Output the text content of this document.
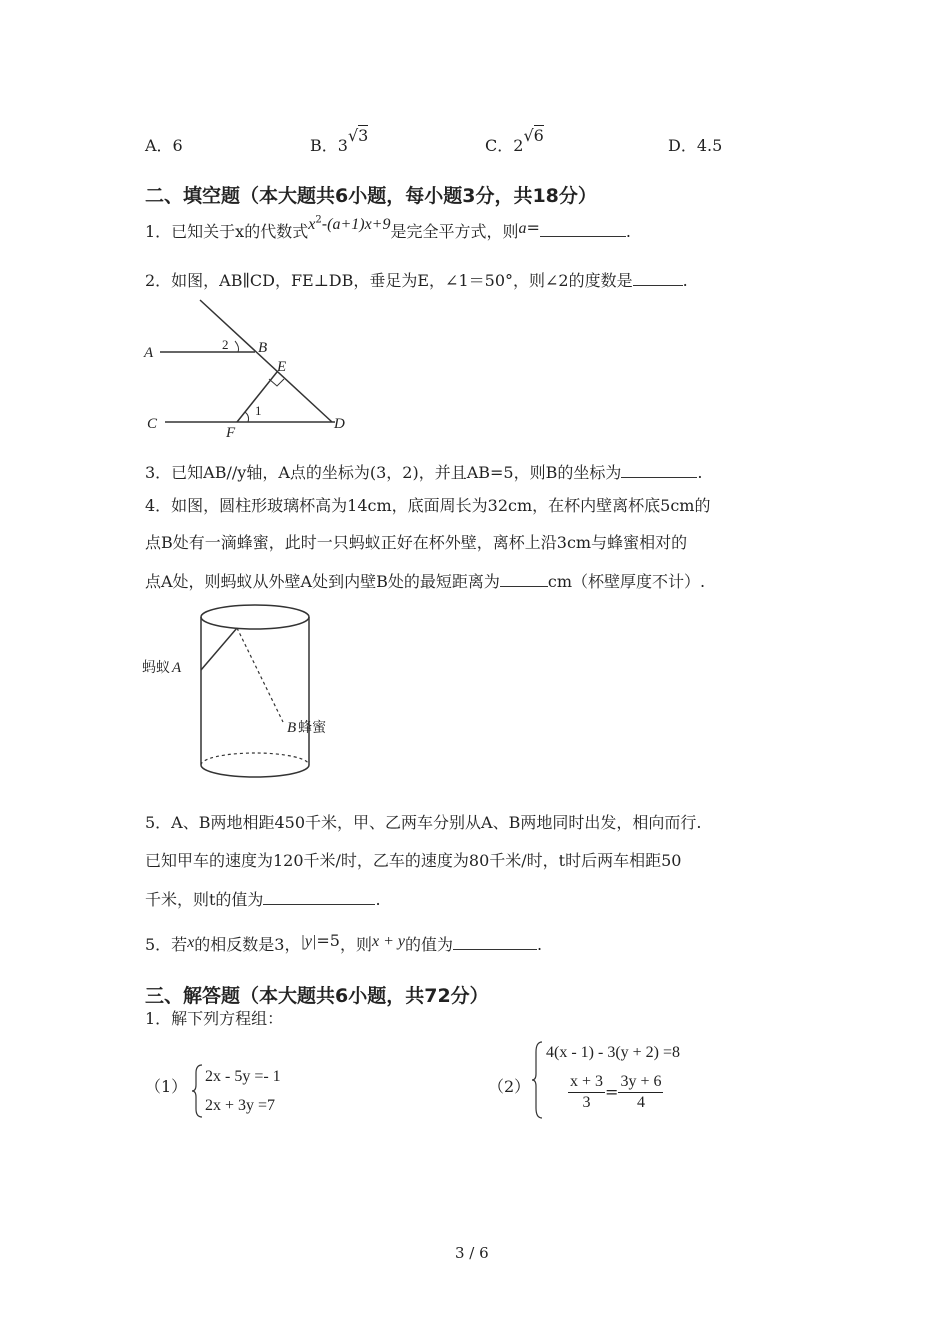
A．6	B．3√3
C．2√6
D．4.5
二、填空题（本大题共6小题，每小题3分，共18分）
1．已知关于x的代数式$x^2-(a+1)x+9$是完全平方式，则a=	.
2．如图，AB∥CD，FE⊥DB，垂足为E，∠1＝50°，则∠2的度数是	.
A
2 B
E
C
F
1
D
3．已知AB//y轴，A点的坐标为(3，2)，并且AB=5，则B的坐标为	.
4．如图，圆柱形玻璃杯高为14cm，底面周长为32cm，在杯内壁离杯底5cm的
点B处有一滴蜂蜜，此时一只蚂蚁正好在杯外壁，离杯上沿3cm与蜂蜜相对的
点A处，则蚂蚁从外壁A处到内壁B处的最短距离为	cm（杯壁厚度不计）.
蚂蚁 A
B 蜂蜜
5．A、B两地相距450千米，甲、乙两车分别从A、B两地同时出发，相向而行.
已知甲车的速度为120千米/时，乙车的速度为80千米/时，t时后两车相距50
千米，则t的值为	.
5．若x的相反数是3，|y|=5，则x + y的值为	.
三、解答题（本大题共6小题，共72分）
1．解下列方程组：
（1）
2x - 5y =- 1
2x + 3y =7
（2）
4(x - 1) - 3(y + 2) =8
$\frac{x + 3}{3} = \frac{3y + 6}{4}$
3 / 6
